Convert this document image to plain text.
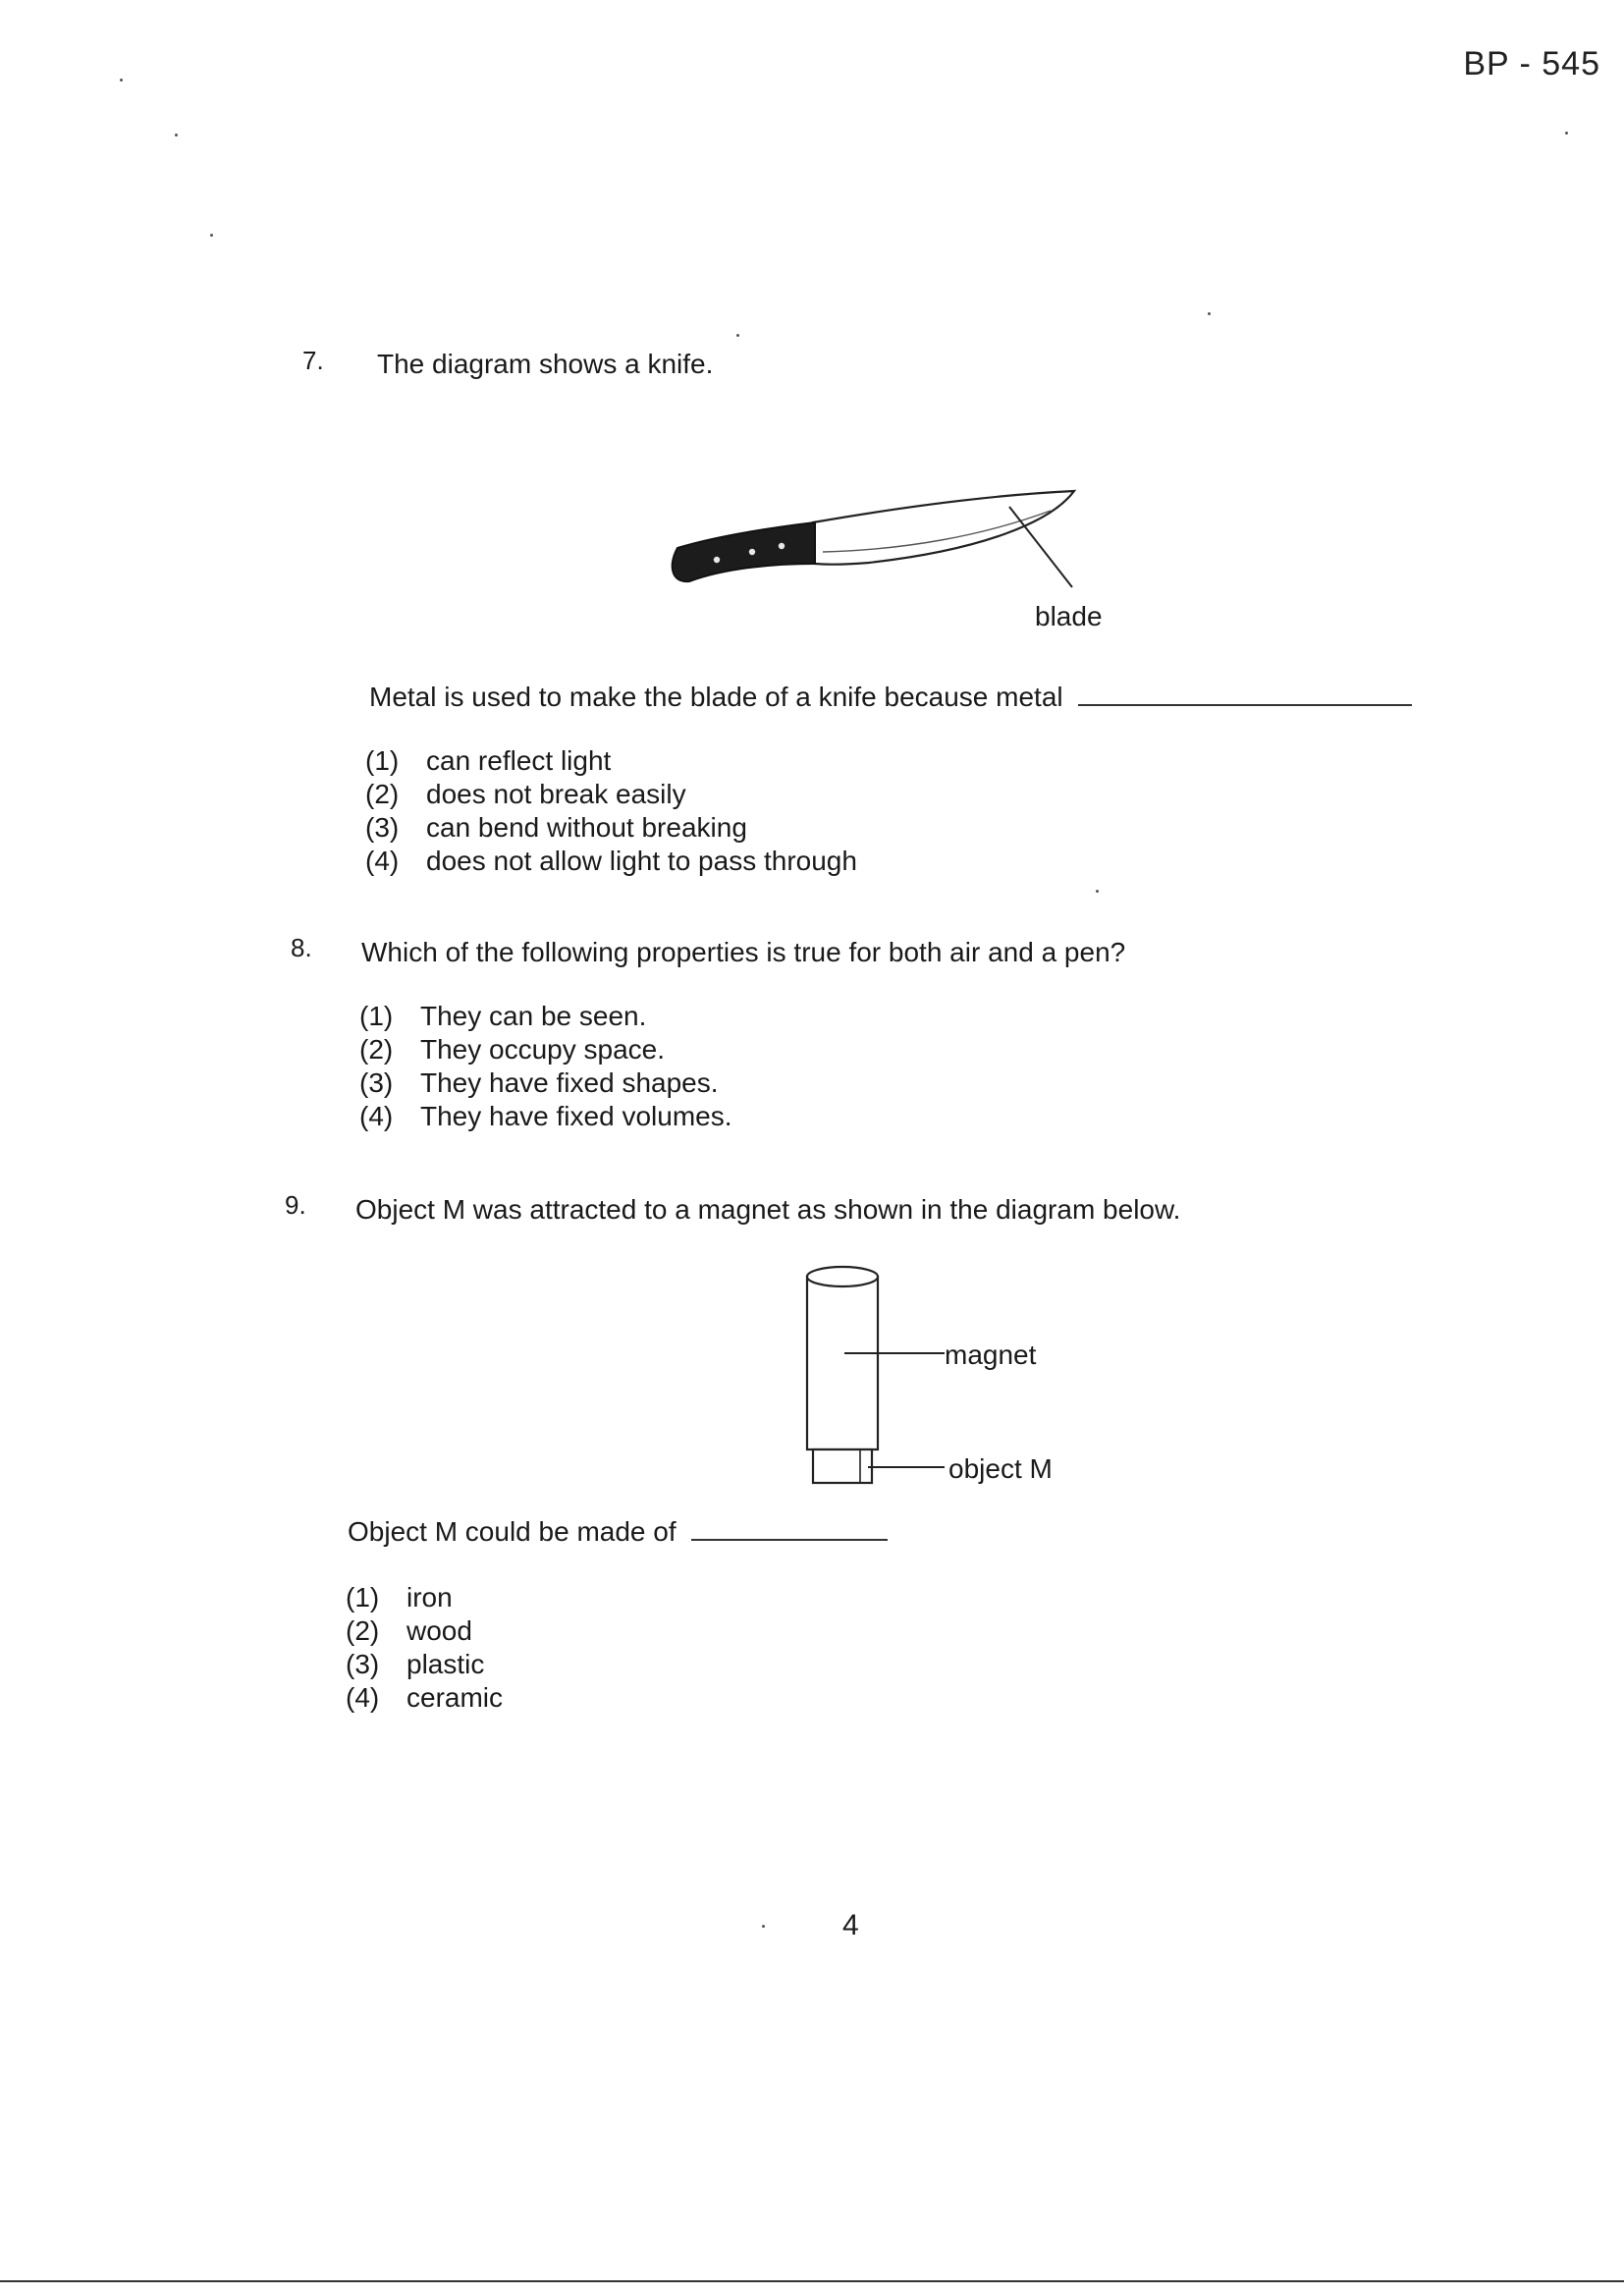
BP - 545
7. The diagram shows a knife.
blade
Metal is used to make the blade of a knife because metal
(1) can reflect light
(2) does not break easily
(3) can bend without breaking
(4) does not allow light to pass through
8. Which of the following properties is true for both air and a pen?
(1) They can be seen.
(2) They occupy space.
(3) They have fixed shapes.
(4) They have fixed volumes.
9. Object M was attracted to a magnet as shown in the diagram below.
magnet
object M
Object M could be made of
(1) iron
(2) wood
(3) plastic
(4) ceramic
4
